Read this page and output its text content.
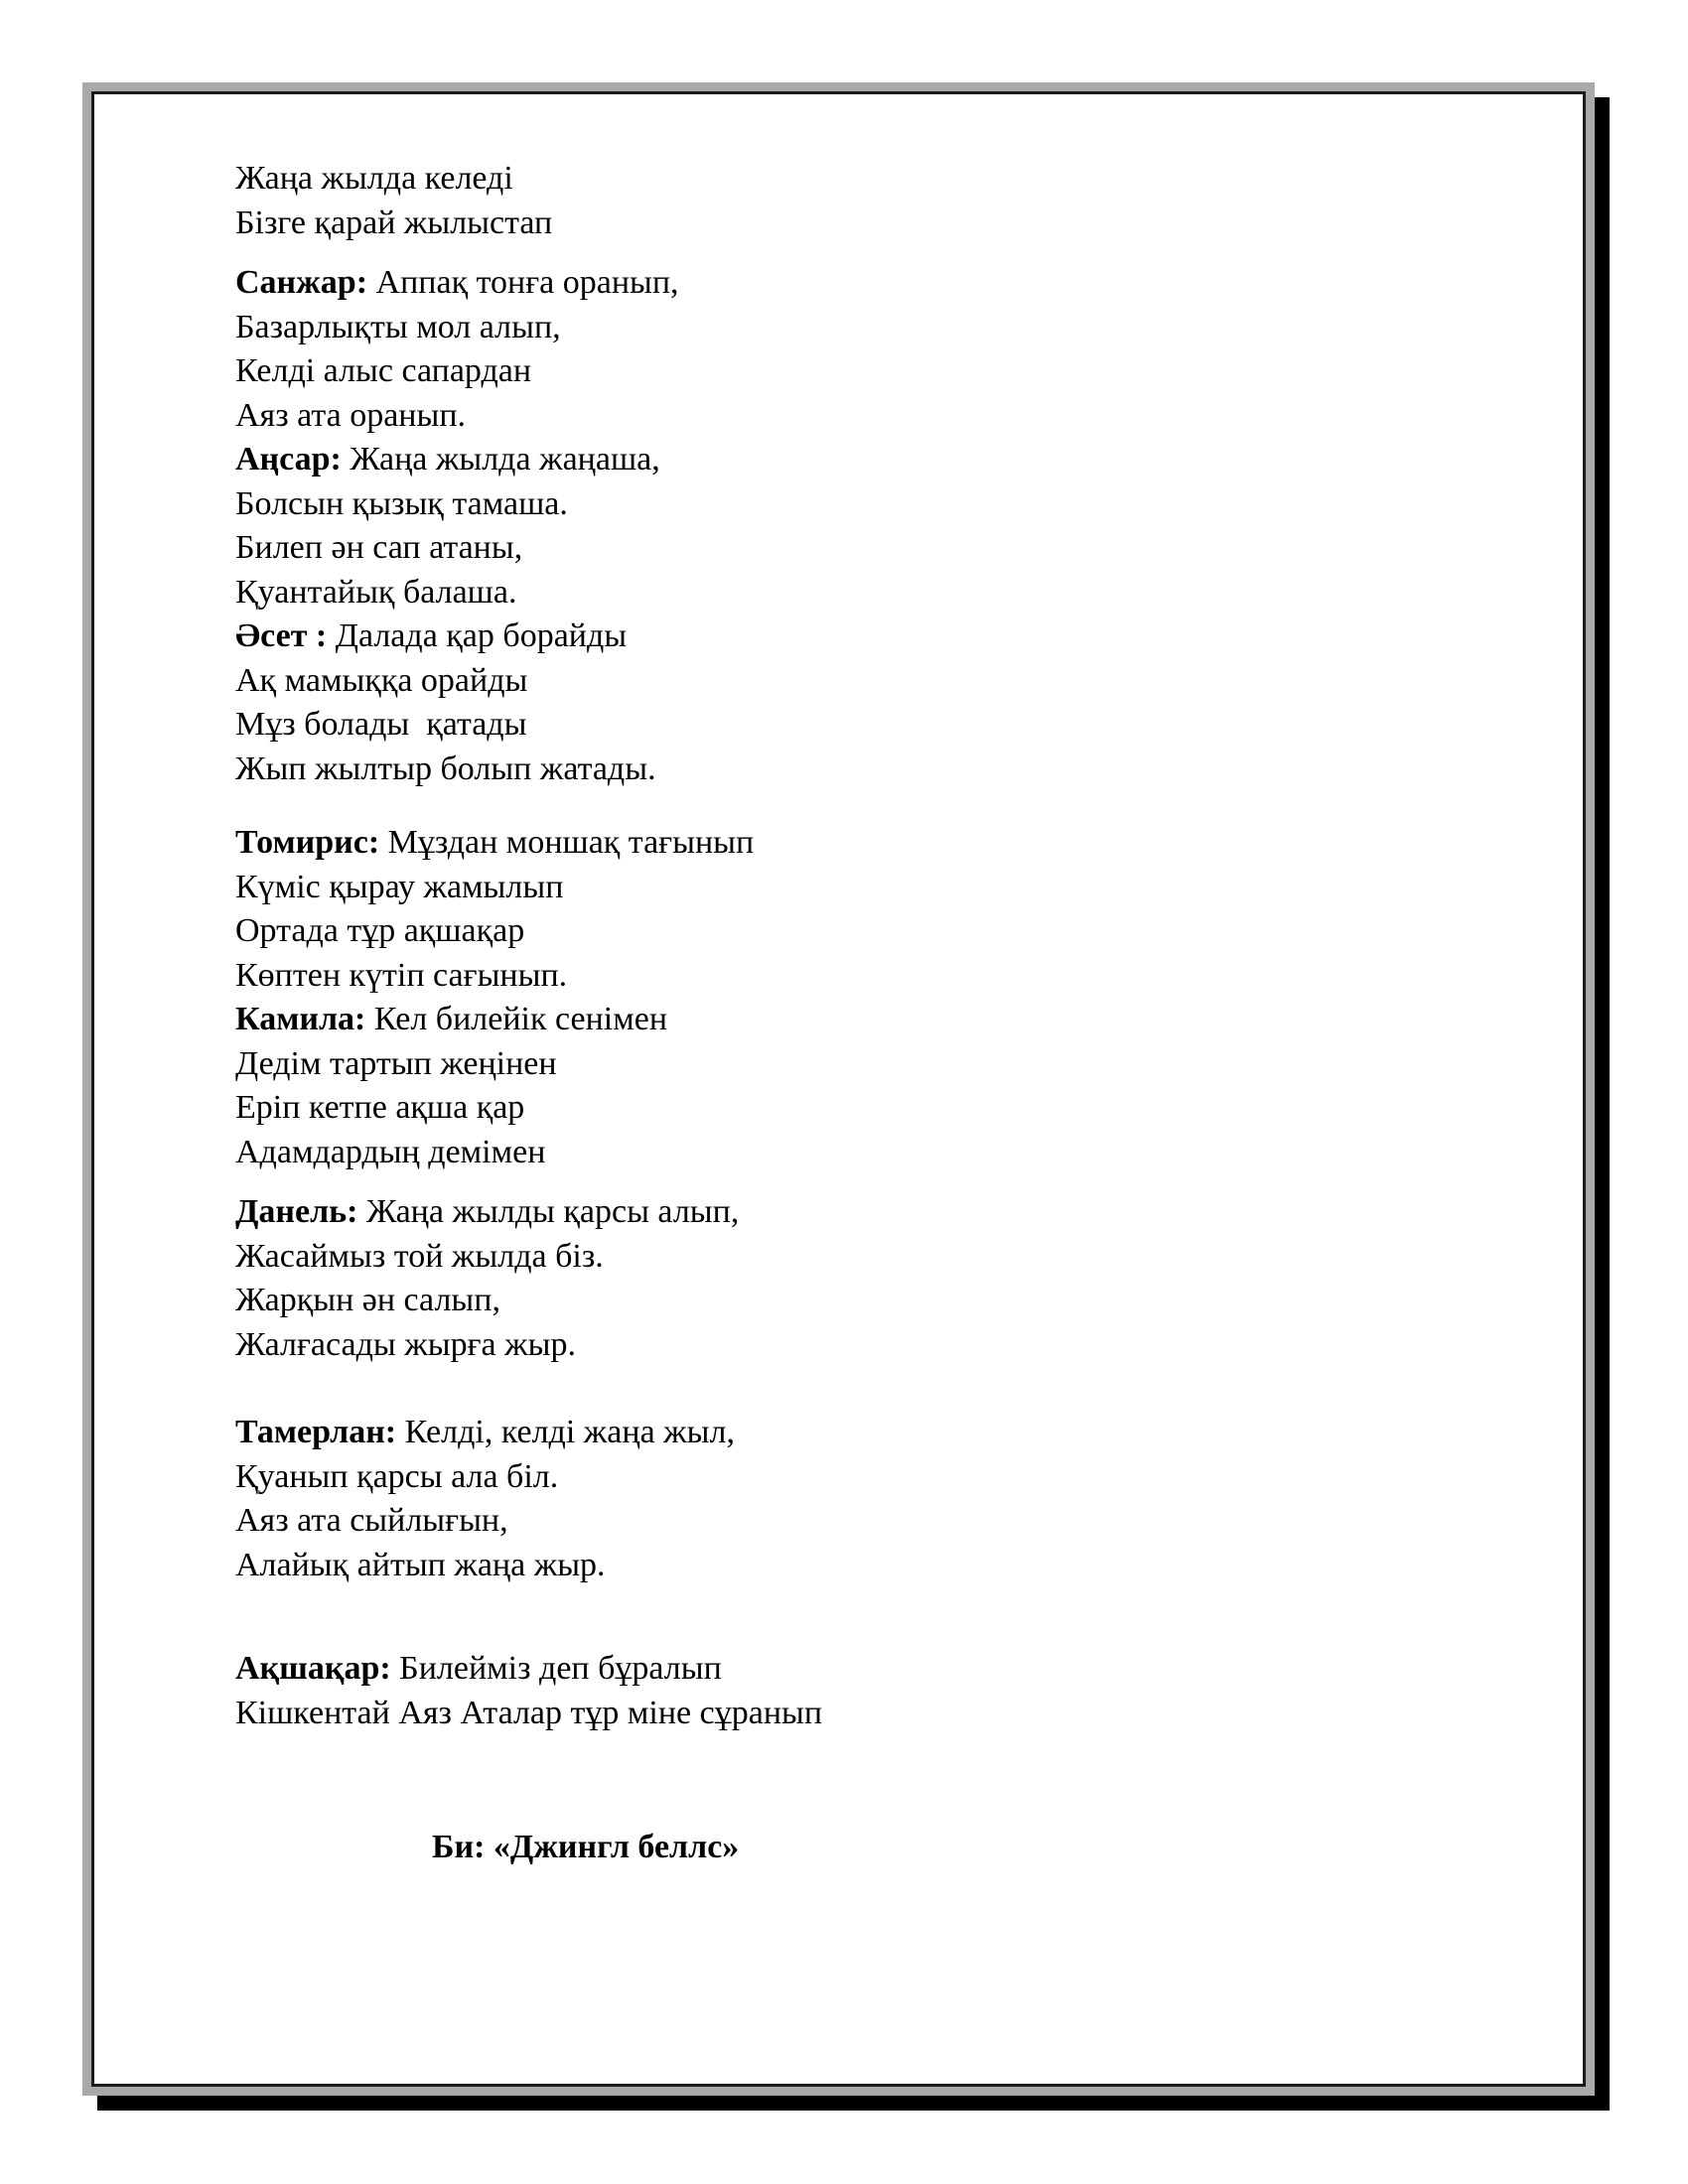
Жаңа жылда келеді
Бізге қарай жылыстап
Санжар: Аппақ тонға оранып,
Базарлықты мол алып,
Келді алыс сапардан
Аяз ата оранып.
Аңсар: Жаңа жылда жаңаша,
Болсын қызық тамаша.
Билеп ән сап атаны,
Қуантайық балаша.
Әсет : Далада қар борайды
Ақ мамыққа орайды
Мұз болады  қатады
Жып жылтыр болып жатады.
Томирис: Мұздан моншақ тағынып
Күміс қырау жамылып
Ортада тұр ақшақар
Көптен күтіп сағынып.
Камила: Кел билейік сенімен
Дедім тартып жеңінен
Еріп кетпе ақша қар
Адамдардың демімен
Данель: Жаңа жылды қарсы алып,
Жасаймыз той жылда біз.
Жарқын ән салып,
Жалғасады жырға жыр.
Тамерлан: Келді, келді жаңа жыл,
Қуанып қарсы ала біл.
Аяз ата сыйлығын,
Алайық айтып жаңа жыр.
Ақшақар: Билейміз деп бұралып
Кішкентай Аяз Аталар тұр міне сұранып
Би: «Джингл беллс»
